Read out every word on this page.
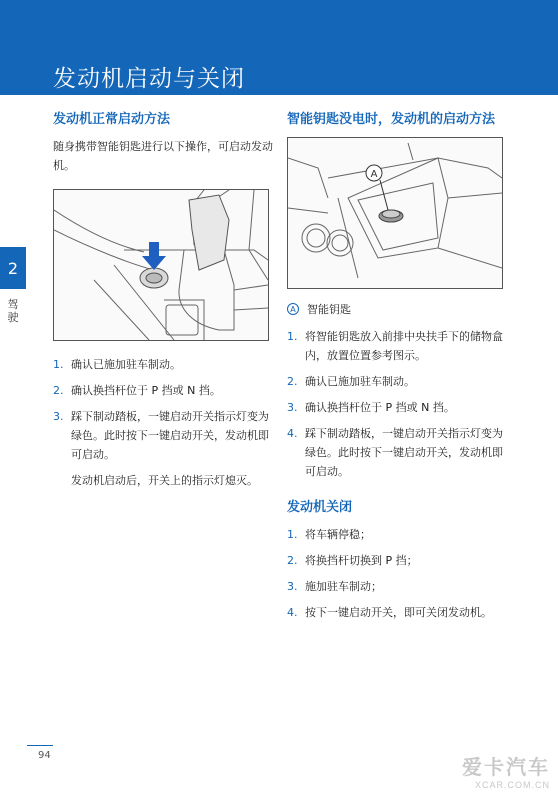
发动机启动与关闭
2
驾驶
发动机正常启动方法

随身携带智能钥匙进行以下操作，可启动发动机。

1. 确认已施加驻车制动。
2. 确认换挡杆位于 P 挡或 N 挡。
3. 踩下制动踏板，一键启动开关指示灯变为绿色。此时按下一键启动开关，发动机即可启动。

发动机启动后，开关上的指示灯熄灭。

智能钥匙没电时，发动机的启动方法
A
A 智能钥匙
1. 将智能钥匙放入前排中央扶手下的储物盒内，放置位置参考图示。
2. 确认已施加驻车制动。
3. 确认换挡杆位于 P 挡或 N 挡。
4. 踩下制动踏板，一键启动开关指示灯变为绿色。此时按下一键启动开关，发动机即可启动。
发动机关闭
1. 将车辆停稳；
2. 将换挡杆切换到 P 挡；
3. 施加驻车制动；
4. 按下一键启动开关，即可关闭发动机。
94
爱卡汽车
XCAR.COM.CN
